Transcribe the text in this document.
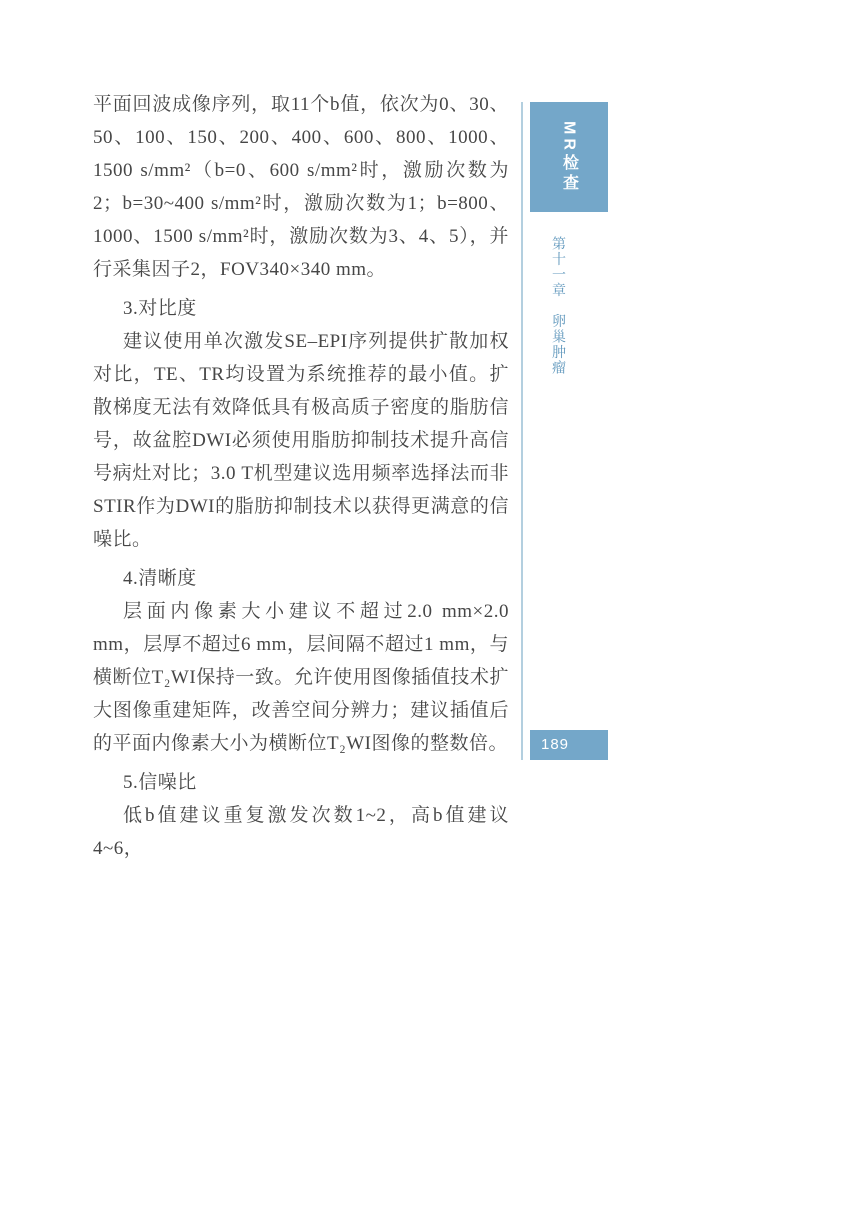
平面回波成像序列，取11个b值，依次为0、30、50、100、150、200、400、600、800、1000、1500 s/mm²（b=0、600 s/mm²时，激励次数为2；b=30~400 s/mm²时，激励次数为1；b=800、1000、1500 s/mm²时，激励次数为3、4、5），并行采集因子2，FOV340×340 mm。

3.对比度

建议使用单次激发SE–EPI序列提供扩散加权对比，TE、TR均设置为系统推荐的最小值。扩散梯度无法有效降低具有极高质子密度的脂肪信号，故盆腔DWI必须使用脂肪抑制技术提升高信号病灶对比；3.0 T机型建议选用频率选择法而非STIR作为DWI的脂肪抑制技术以获得更满意的信噪比。

4.清晰度

层面内像素大小建议不超过2.0 mm×2.0 mm，层厚不超过6 mm，层间隔不超过1 mm，与横断位T₂WI保持一致。允许使用图像插值技术扩大图像重建矩阵，改善空间分辨力；建议插值后的平面内像素大小为横断位T₂WI图像的整数倍。

5.信噪比

低b值建议重复激发次数1~2，高b值建议4~6，

MR检查
第十一章　卵巢肿瘤
189
